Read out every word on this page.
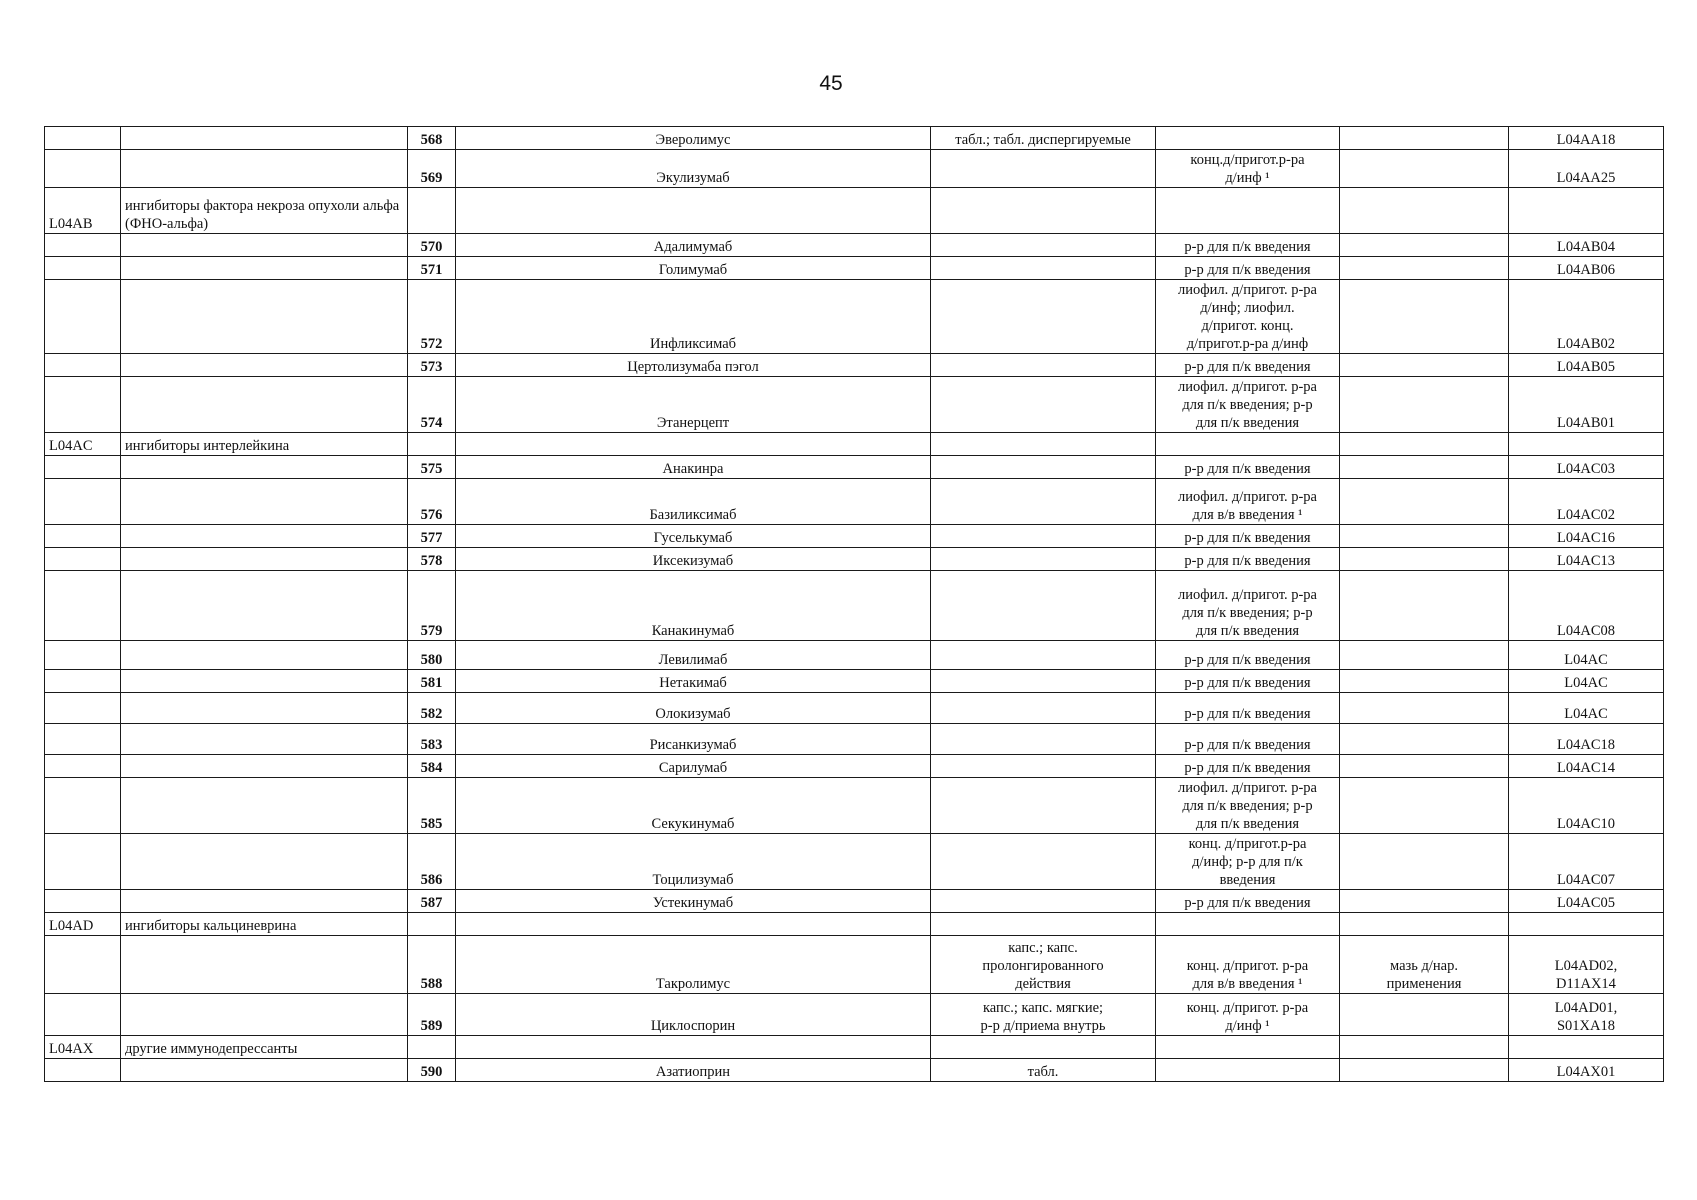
45
		568	Эверолимус	табл.; табл. диспергируемые			L04AA18

		569	Экулизумаб		конц.д/пригот.р-ра
д/инф ¹		L04AA25

L04AB	ингибиторы фактора некроза опухоли альфа (ФНО-альфа)						
		570	Адалимумаб		р-р для п/к введения		L04AB04

		571	Голимумаб		р-р для п/к введения		L04AB06

		572	Инфликсимаб		лиофил. д/пригот. р-ра
д/инф; лиофил.
д/пригот. конц.
д/пригот.р-ра д/инф		L04AB02

		573	Цертолизумаба пэгол		р-р для п/к введения		L04AB05

		574	Этанерцепт		лиофил. д/пригот. р-ра
для п/к введения; р-р
для п/к введения		L04AB01

L04AC	ингибиторы интерлейкина						
		575	Анакинра		р-р для п/к введения		L04AC03

		576	Базиликсимаб		лиофил. д/пригот. р-ра
для в/в введения ¹		L04AC02

		577	Гуселькумаб		р-р для п/к введения		L04AC16

		578	Иксекизумаб		р-р для п/к введения		L04AC13

		579	Канакинумаб		лиофил. д/пригот. р-ра
для п/к введения; р-р
для п/к введения		L04AC08

		580	Левилимаб		р-р для п/к введения		L04AC

		581	Нетакимаб		р-р для п/к введения		L04AC

		582	Олокизумаб		р-р для п/к введения		L04AC

		583	Рисанкизумаб		р-р для п/к введения		L04AC18

		584	Сарилумаб		р-р для п/к введения		L04AC14

		585	Секукинумаб		лиофил. д/пригот. р-ра
для п/к введения; р-р
для п/к введения		L04AC10

		586	Тоцилизумаб		конц. д/пригот.р-ра
д/инф; р-р для п/к
введения		L04AC07

		587	Устекинумаб		р-р для п/к введения		L04AC05

L04AD	ингибиторы кальциневрина						
		588	Такролимус	капс.; капс.
пролонгированного
действия	конц. д/пригот. р-ра
для в/в введения ¹	мазь д/нар.
применения	L04AD02,
D11AX14

		589	Циклоспорин	капс.; капс. мягкие;
р-р д/приема внутрь	конц. д/пригот. р-ра
д/инф ¹		L04AD01,
S01XA18

L04AX	другие иммунодепрессанты						
		590	Азатиоприн	табл.			L04AX01
